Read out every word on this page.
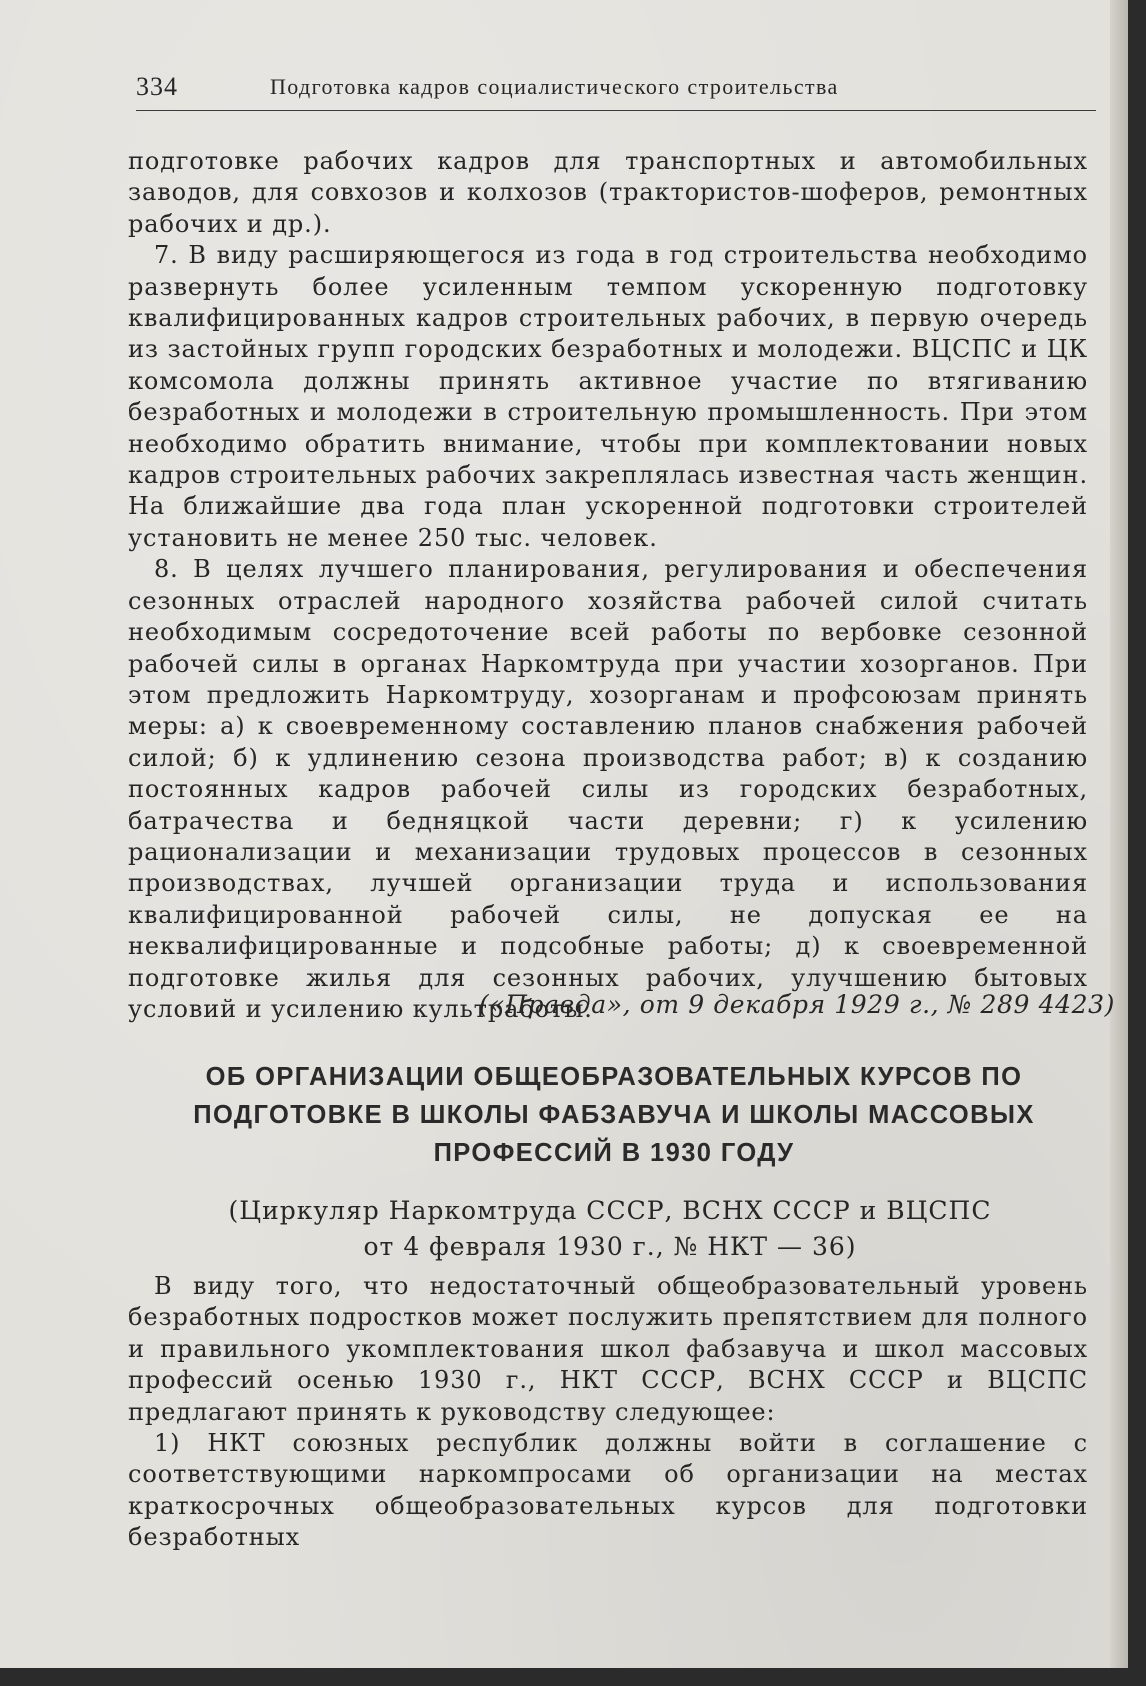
334	Подготовка кадров социалистического строительства

подготовке рабочих кадров для транспортных и автомобильных заводов, для совхозов и колхозов (трактористов-шоферов, ремонтных рабочих и др.).

7. В виду расширяющегося из года в год строительства необходимо развернуть более усиленным темпом ускоренную подготовку квалифицированных кадров строительных рабочих, в первую очередь из застойных групп городских безработных и молодежи. ВЦСПС и ЦК комсомола должны принять активное участие по втягиванию безработных и молодежи в строительную промышленность. При этом необходимо обратить внимание, чтобы при комплектовании новых кадров строительных рабочих закреплялась известная часть женщин. На ближайшие два года план ускоренной подготовки строителей установить не менее 250 тыс. человек.

8. В целях лучшего планирования, регулирования и обеспечения сезонных отраслей народного хозяйства рабочей силой считать необходимым сосредоточение всей работы по вербовке сезонной рабочей силы в органах Наркомтруда при участии хозорганов. При этом предложить Наркомтруду, хозорганам и профсоюзам принять меры: а) к своевременному составлению планов снабжения рабочей силой; б) к удлинению сезона производства работ; в) к созданию постоянных кадров рабочей силы из городских безработных, батрачества и бедняцкой части деревни; г) к усилению рационализации и механизации трудовых процессов в сезонных производствах, лучшей организации труда и использования квалифицированной рабочей силы, не допуская ее на неквалифицированные и подсобные работы; д) к своевременной подготовке жилья для сезонных рабочих, улучшению бытовых условий и усилению культработы.

(«Правда», от 9 декабря 1929 г., № 289 4423)
ОБ ОРГАНИЗАЦИИ ОБЩЕОБРАЗОВАТЕЛЬНЫХ КУРСОВ ПО
ПОДГОТОВКЕ В ШКОЛЫ ФАБЗАВУЧА И ШКОЛЫ МАССОВЫХ
ПРОФЕССИЙ В 1930 ГОДУ
(Циркуляр Наркомтруда СССР, ВСНХ СССР и ВЦСПС
от 4 февраля 1930 г., № НКТ — 36)

В виду того, что недостаточный общеобразовательный уровень безработных подростков может послужить препятствием для полного и правильного укомплектования школ фабзавуча и школ массовых профессий осенью 1930 г., НКТ СССР, ВСНХ СССР и ВЦСПС предлагают принять к руководству следующее:

1) НКТ союзных республик должны войти в соглашение с соответствующими наркомпросами об организации на местах краткосрочных общеобразовательных курсов для подготовки безработных
